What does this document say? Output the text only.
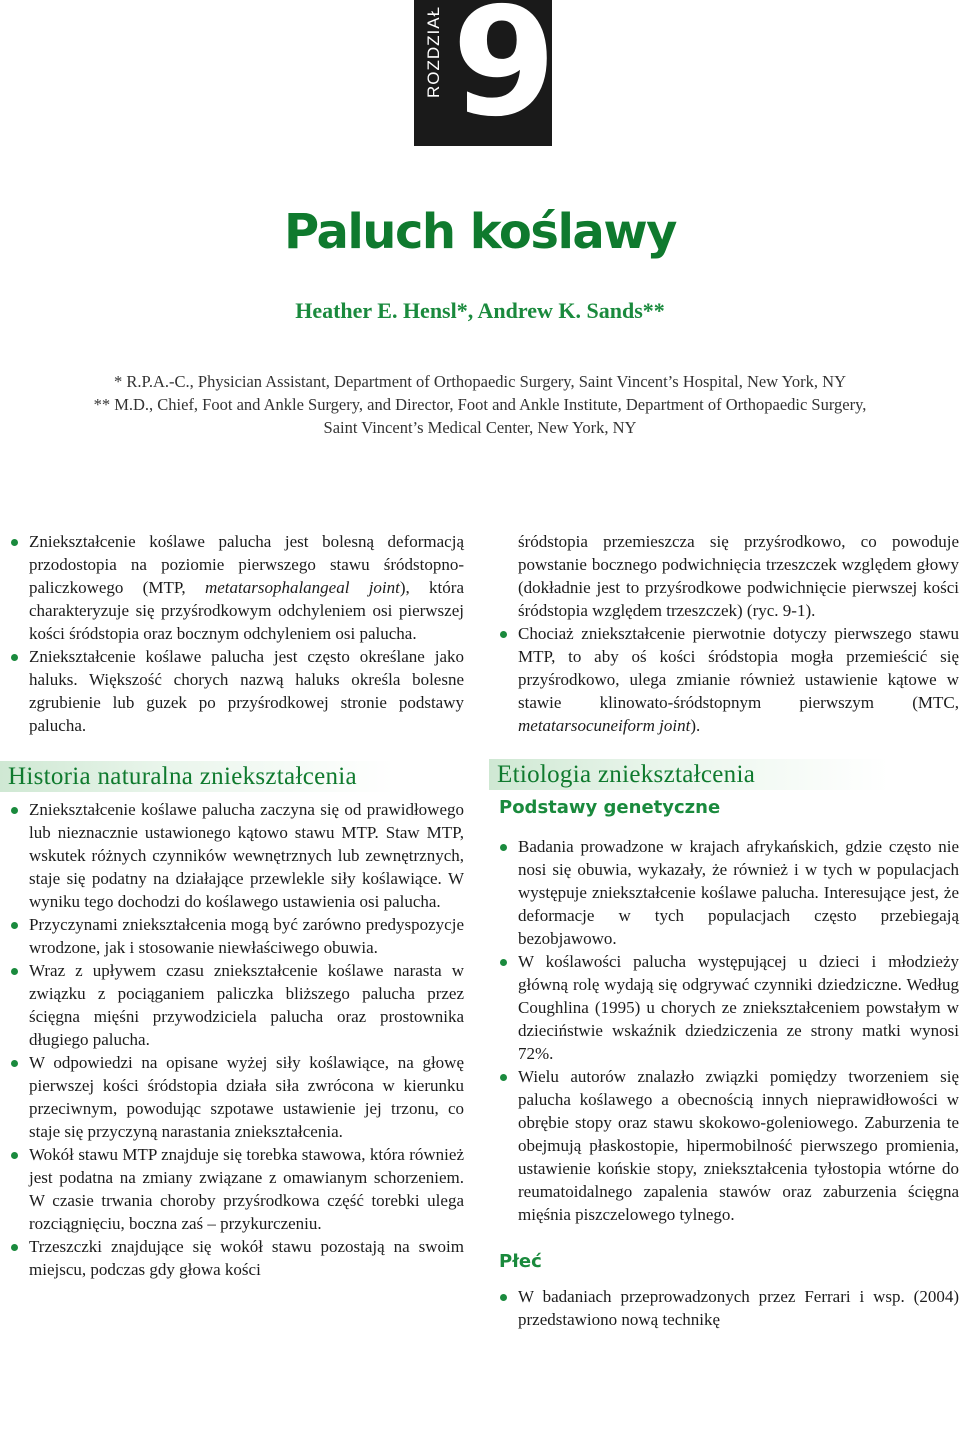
ROZDZIAŁ 9
Paluch koślawy

Heather E. Hensl*, Andrew K. Sands**

* R.P.A.-C., Physician Assistant, Department of Orthopaedic Surgery, Saint Vincent’s Hospital, New York, NY

** M.D., Chief, Foot and Ankle Surgery, and Director, Foot and Ankle Institute, Department of Orthopaedic Surgery,

Saint Vincent’s Medical Center, New York, NY

Zniekształcenie koślawe palucha jest bolesną deformacją przodostopia na poziomie pierwszego stawu śródstopno-paliczkowego (MTP, metatarsophalangeal joint), która charakteryzuje się przyśrodkowym odchyleniem osi pierwszej kości śródstopia oraz bocznym odchyleniem osi palucha.
Zniekształcenie koślawe palucha jest często określane jako haluks. Większość chorych nazwą haluks określa bolesne zgrubienie lub guzek po przyśrodkowej stronie podstawy palucha.
Historia naturalna zniekształcenia
Zniekształcenie koślawe palucha zaczyna się od prawidłowego lub nieznacznie ustawionego kątowo stawu MTP. Staw MTP, wskutek różnych czynników wewnętrznych lub zewnętrznych, staje się podatny na działające przewlekle siły koślawiące. W wyniku tego dochodzi do koślawego ustawienia osi palucha.
Przyczynami zniekształcenia mogą być zarówno predyspozycje wrodzone, jak i stosowanie niewłaściwego obuwia.
Wraz z upływem czasu zniekształcenie koślawe narasta w związku z pociąganiem paliczka bliższego palucha przez ścięgna mięśni przywodziciela palucha oraz prostownika długiego palucha.
W odpowiedzi na opisane wyżej siły koślawiące, na głowę pierwszej kości śródstopia działa siła zwrócona w kierunku przeciwnym, powodując szpotawe ustawienie jej trzonu, co staje się przyczyną narastania zniekształcenia.
Wokół stawu MTP znajduje się torebka stawowa, która również jest podatna na zmiany związane z omawianym schorzeniem. W czasie trwania choroby przyśrodkowa część torebki ulega rozciągnięciu, boczna zaś – przykurczeniu.
Trzeszczki znajdujące się wokół stawu pozostają na swoim miejscu, podczas gdy głowa kości

śródstopia przemieszcza się przyśrodkowo, co powoduje powstanie bocznego podwichnięcia trzeszczek względem głowy (dokładnie jest to przyśrodkowe podwichnięcie pierwszej kości śródstopia względem trzeszczek) (ryc. 9-1).

Chociaż zniekształcenie pierwotnie dotyczy pierwszego stawu MTP, to aby oś kości śródstopia mogła przemieścić się przyśrodkowo, ulega zmianie również ustawienie kątowe w stawie klinowato-śródstopnym pierwszym (MTC, metatarsocuneiform joint).
Etiologia zniekształcenia
Podstawy genetyczne
Badania prowadzone w krajach afrykańskich, gdzie często nie nosi się obuwia, wykazały, że również i w tych w populacjach występuje zniekształcenie koślawe palucha. Interesujące jest, że deformacje w tych populacjach często przebiegają bezobjawowo.
W koślawości palucha występującej u dzieci i młodzieży główną rolę wydają się odgrywać czynniki dziedziczne. Według Coughlina (1995) u chorych ze zniekształceniem powstałym w dzieciństwie wskaźnik dziedziczenia ze strony matki wynosi 72%.
Wielu autorów znalazło związki pomiędzy tworzeniem się palucha koślawego a obecnością innych nieprawidłowości w obrębie stopy oraz stawu skokowo-goleniowego. Zaburzenia te obejmują płaskostopie, hipermobilność pierwszego promienia, ustawienie końskie stopy, zniekształcenia tyłostopia wtórne do reumatoidalnego zapalenia stawów oraz zaburzenia ścięgna mięśnia piszczelowego tylnego.
Płeć
W badaniach przeprowadzonych przez Ferrari i wsp. (2004) przedstawiono nową technikę
